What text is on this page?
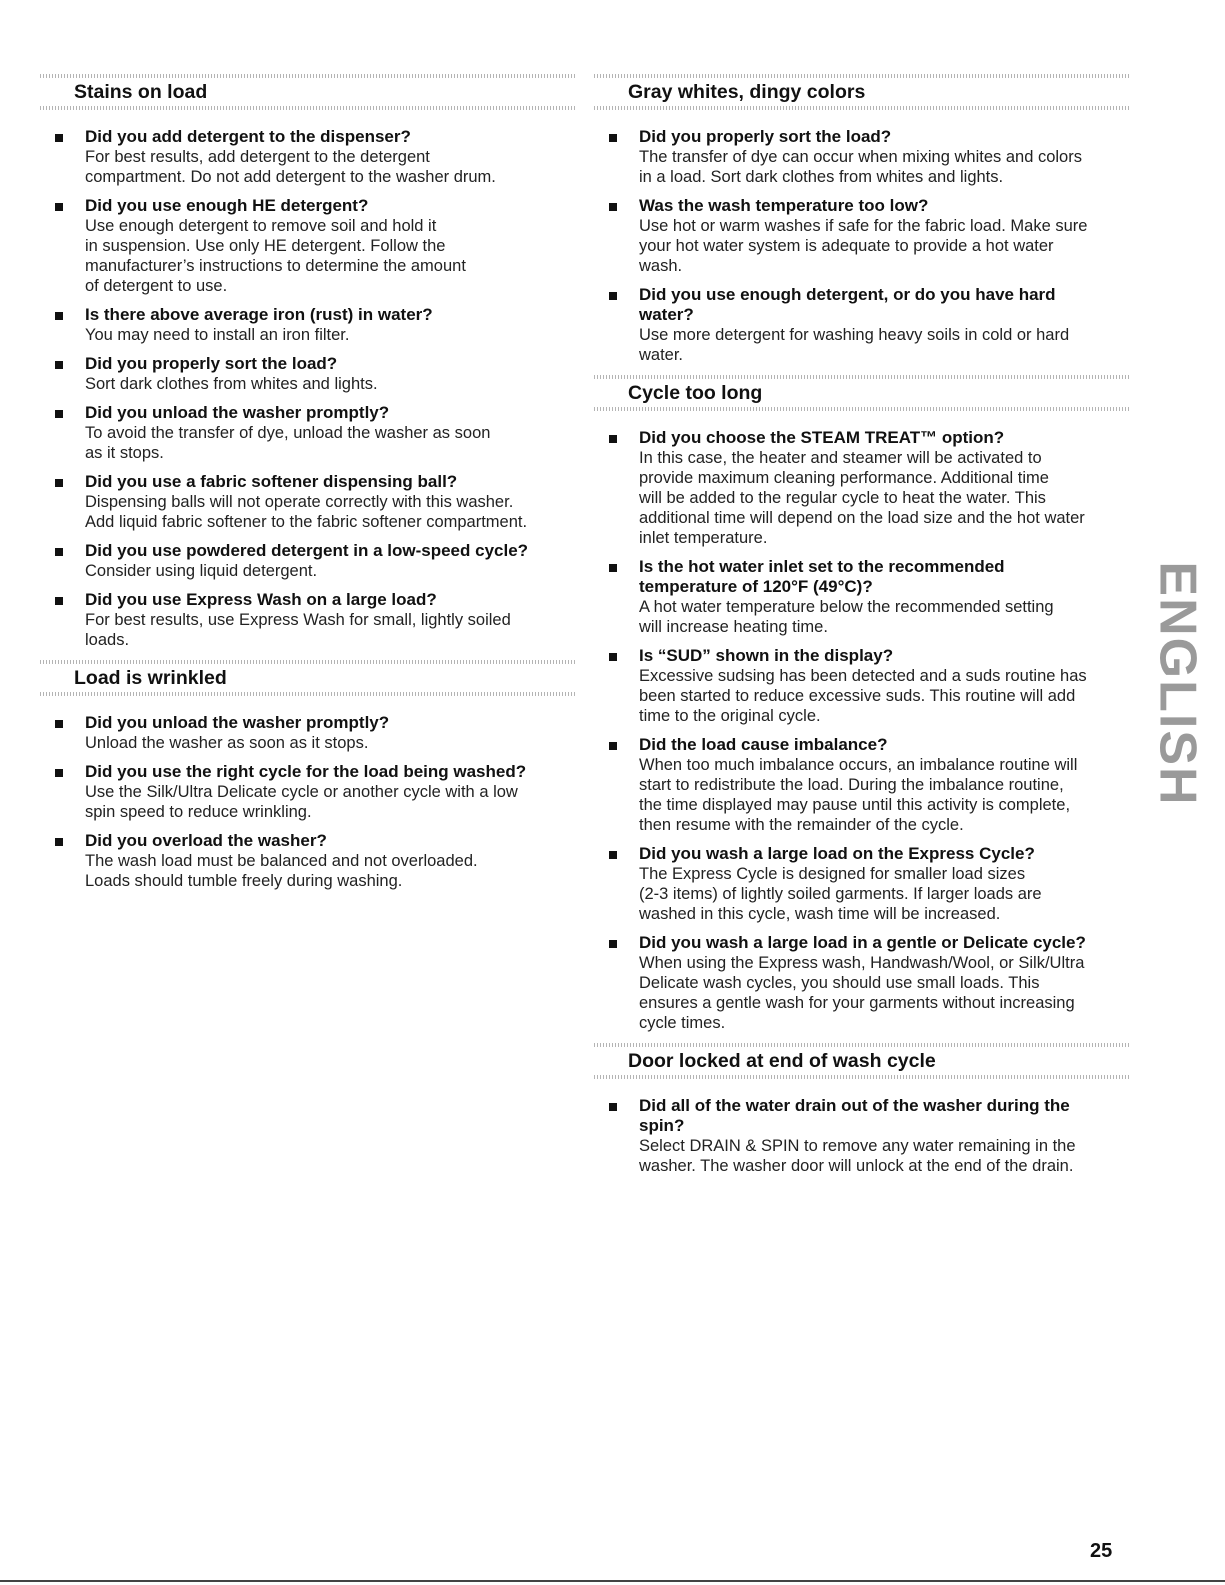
Stains on load
Did you add detergent to the dispenser?
For best results, add detergent to the detergent
compartment. Do not add detergent to the washer drum.
Did you use enough HE detergent?
Use enough detergent to remove soil and hold it
in suspension. Use only HE detergent. Follow the
manufacturer’s instructions to determine the amount
of detergent to use.
Is there above average iron (rust) in water?
You may need to install an iron filter.
Did you properly sort the load?
Sort dark clothes from whites and lights.
Did you unload the washer promptly?
To avoid the transfer of dye, unload the washer as soon
as it stops.
Did you use a fabric softener dispensing ball?
Dispensing balls will not operate correctly with this washer.
Add liquid fabric softener to the fabric softener compartment.
Did you use powdered detergent in a low-speed cycle?
Consider using liquid detergent.
Did you use Express Wash on a large load?
For best results, use Express Wash for small, lightly soiled
loads.
Load is wrinkled
Did you unload the washer promptly?
Unload the washer as soon as it stops.
Did you use the right cycle for the load being washed?
Use the Silk/Ultra Delicate cycle or another cycle with a low
spin speed to reduce wrinkling.
Did you overload the washer?
The wash load must be balanced and not overloaded.
Loads should tumble freely during washing.
Gray whites, dingy colors
Did you properly sort the load?
The transfer of dye can occur when mixing whites and colors
in a load. Sort dark clothes from whites and lights.
Was the wash temperature too low?
Use hot or warm washes if safe for the fabric load. Make sure
your hot water system is adequate to provide a hot water
wash.
Did you use enough detergent, or do you have hard
water?
Use more detergent for washing heavy soils in cold or hard
water.
Cycle too long
Did you choose the STEAM TREAT™ option?
In this case, the heater and steamer will be activated to
provide maximum cleaning performance. Additional time
will be added to the regular cycle to heat the water. This
additional time will depend on the load size and the hot water
inlet temperature.
Is the hot water inlet set to the recommended
temperature of 120°F (49°C)?
A hot water temperature below the recommended setting
will increase heating time.
Is “SUD” shown in the display?
Excessive sudsing has been detected and a suds routine has
been started to reduce excessive suds. This routine will add
time to the original cycle.
Did the load cause imbalance?
When too much imbalance occurs, an imbalance routine will
start to redistribute the load. During the imbalance routine,
the time displayed may pause until this activity is complete,
then resume with the remainder of the cycle.
Did you wash a large load on the Express Cycle?
The Express Cycle is designed for smaller load sizes
(2-3 items) of lightly soiled garments. If larger loads are
washed in this cycle, wash time will be increased.
Did you wash a large load in a gentle or Delicate cycle?
When using the Express wash, Handwash/Wool, or Silk/Ultra
Delicate wash cycles, you should use small loads. This
ensures a gentle wash for your garments without increasing
cycle times.
Door locked at end of wash cycle
Did all of the water drain out of the washer during the
spin?
Select DRAIN & SPIN to remove any water remaining in the
washer. The washer door will unlock at the end of the drain.
ENGLISH
25
